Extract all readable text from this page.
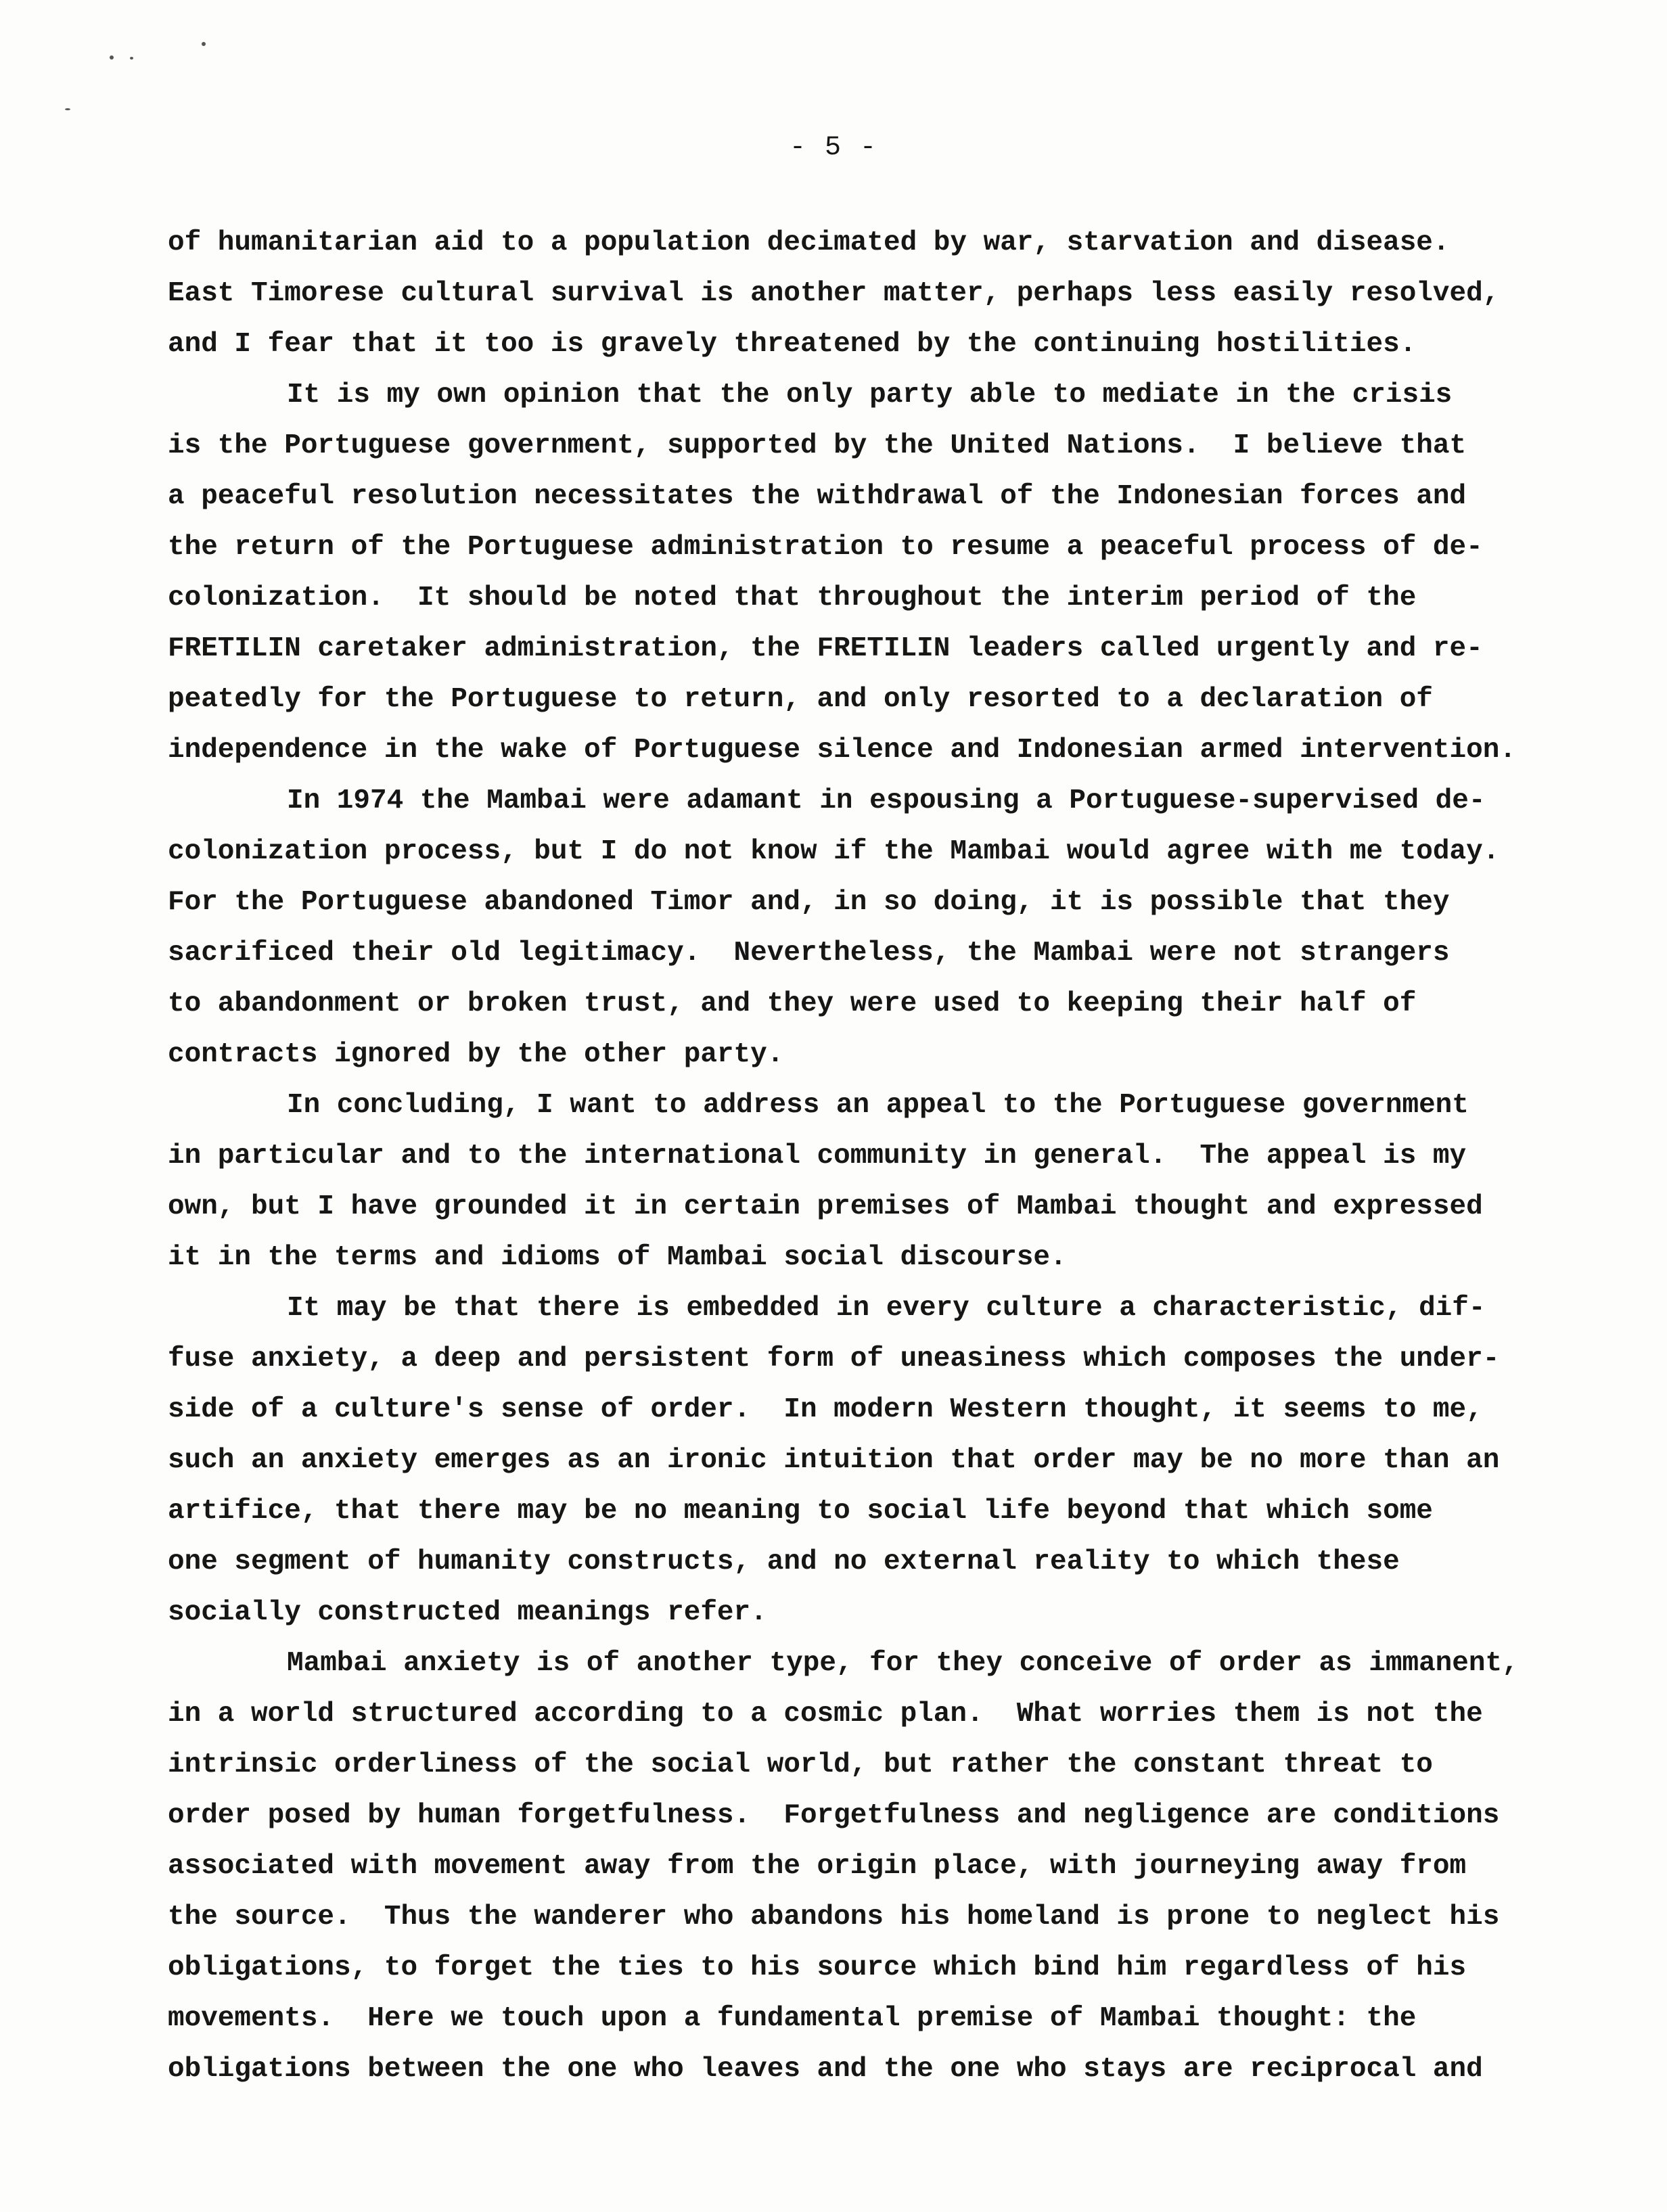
- 5 -
of humanitarian aid to a population decimated by war, starvation and disease.
East Timorese cultural survival is another matter, perhaps less easily resolved,
and I fear that it too is gravely threatened by the continuing hostilities.
It is my own opinion that the only party able to mediate in the crisis
is the Portuguese government, supported by the United Nations.  I believe that
a peaceful resolution necessitates the withdrawal of the Indonesian forces and
the return of the Portuguese administration to resume a peaceful process of de-
colonization.  It should be noted that throughout the interim period of the
FRETILIN caretaker administration, the FRETILIN leaders called urgently and re-
peatedly for the Portuguese to return, and only resorted to a declaration of
independence in the wake of Portuguese silence and Indonesian armed intervention.
In 1974 the Mambai were adamant in espousing a Portuguese-supervised de-
colonization process, but I do not know if the Mambai would agree with me today.
For the Portuguese abandoned Timor and, in so doing, it is possible that they
sacrificed their old legitimacy.  Nevertheless, the Mambai were not strangers
to abandonment or broken trust, and they were used to keeping their half of
contracts ignored by the other party.
In concluding, I want to address an appeal to the Portuguese government
in particular and to the international community in general.  The appeal is my
own, but I have grounded it in certain premises of Mambai thought and expressed
it in the terms and idioms of Mambai social discourse.
It may be that there is embedded in every culture a characteristic, dif-
fuse anxiety, a deep and persistent form of uneasiness which composes the under-
side of a culture's sense of order.  In modern Western thought, it seems to me,
such an anxiety emerges as an ironic intuition that order may be no more than an
artifice, that there may be no meaning to social life beyond that which some
one segment of humanity constructs, and no external reality to which these
socially constructed meanings refer.
Mambai anxiety is of another type, for they conceive of order as immanent,
in a world structured according to a cosmic plan.  What worries them is not the
intrinsic orderliness of the social world, but rather the constant threat to
order posed by human forgetfulness.  Forgetfulness and negligence are conditions
associated with movement away from the origin place, with journeying away from
the source.  Thus the wanderer who abandons his homeland is prone to neglect his
obligations, to forget the ties to his source which bind him regardless of his
movements.  Here we touch upon a fundamental premise of Mambai thought: the
obligations between the one who leaves and the one who stays are reciprocal and
